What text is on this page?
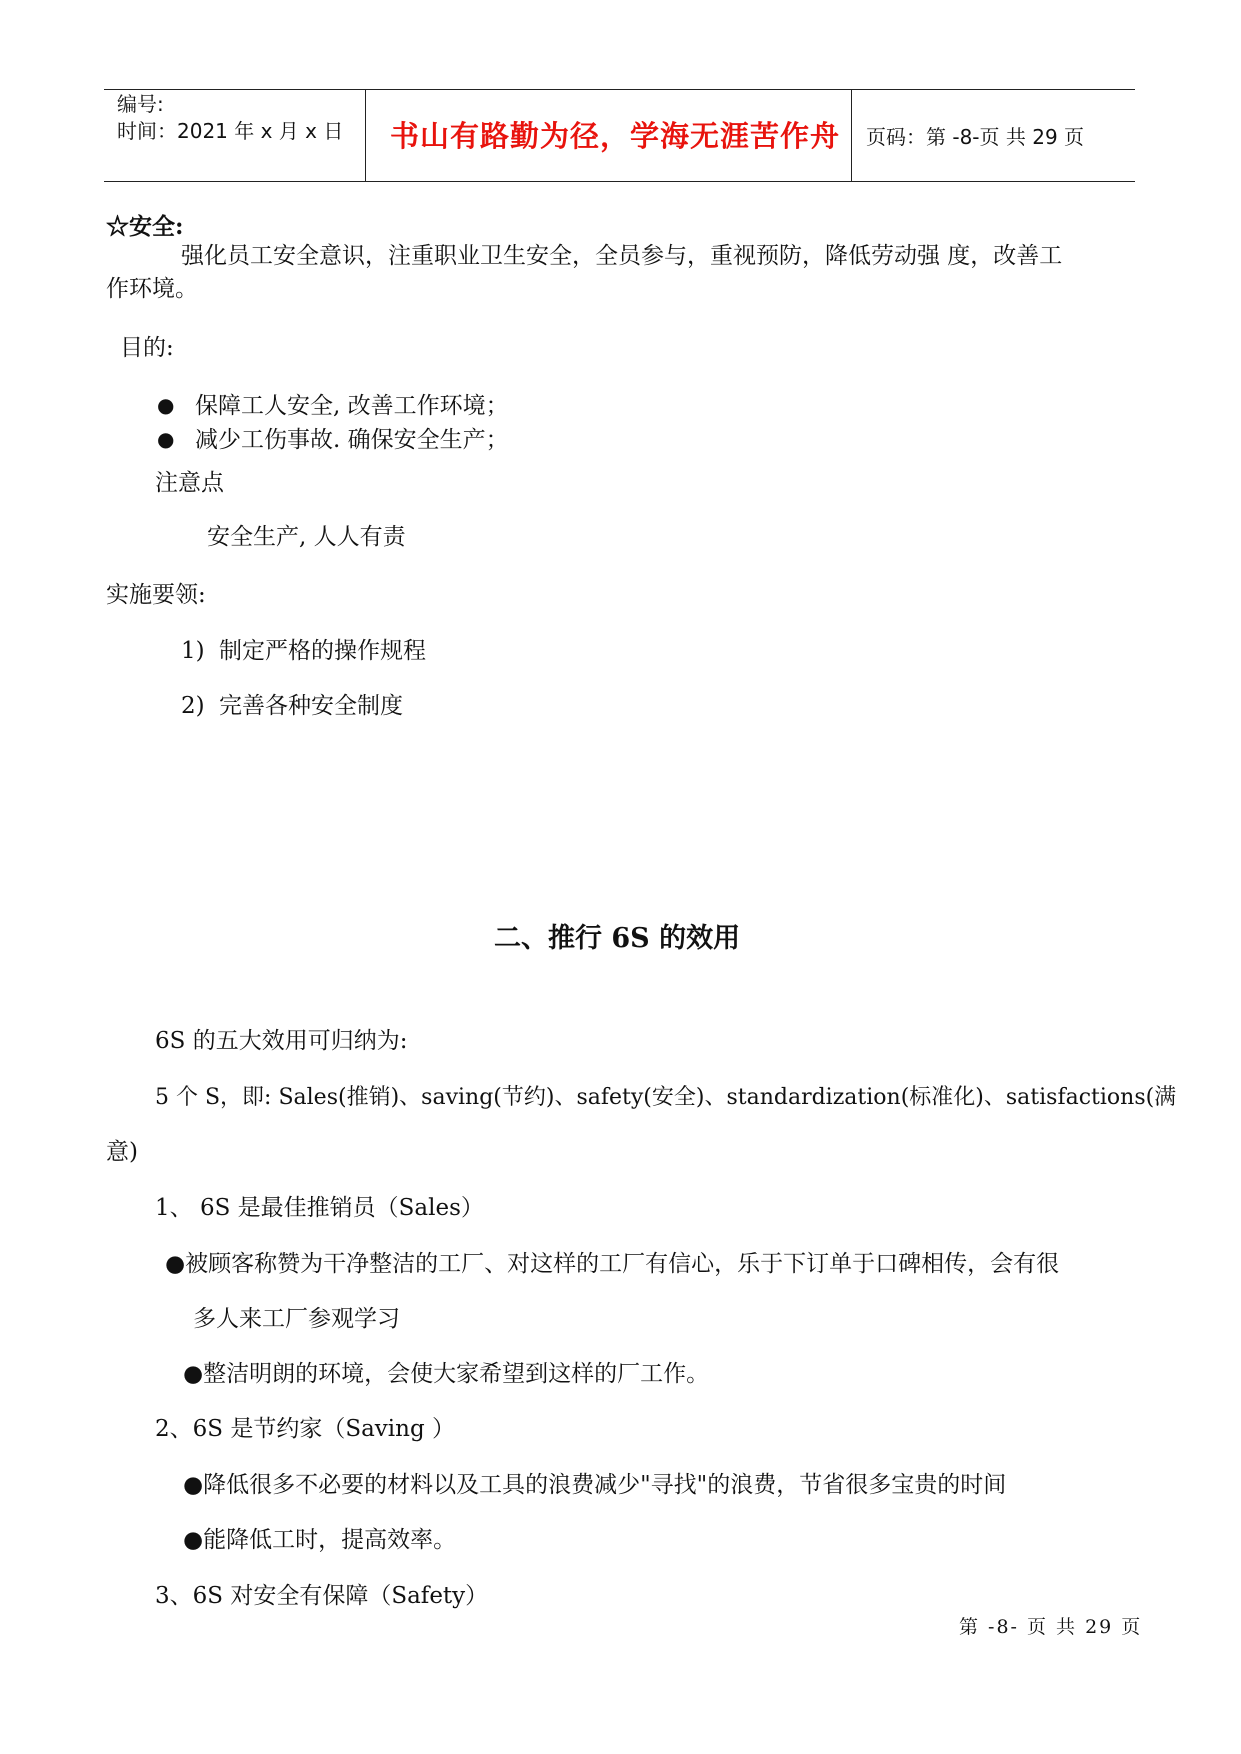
编号:
时间：2021 年 x 月 x 日 书山有路勤为径，学海无涯苦作舟 页码：第 -8-页 共 29 页
☆安全:
强化员工安全意识，注重职业卫生安全，全员参与，重视预防，降低劳动强 度，改善工
作环境。
目的:
● 保障工人安全, 改善工作环境；
● 减少工伤事故. 确保安全生产；
注意点
安全生产, 人人有责
实施要领:
1) 制定严格的操作规程
2) 完善各种安全制度
二、推行 6S 的效用
6S 的五大效用可归纳为:
5 个 S，即: Sales(推销)、saving(节约)、safety(安全)、standardization(标准化)、satisfactions(满
意)
1、 6S 是最佳推销员（Sales）
●被顾客称赞为干净整洁的工厂、对这样的工厂有信心，乐于下订单于口碑相传，会有很
多人来工厂参观学习
●整洁明朗的环境，会使大家希望到这样的厂工作。
2、6S 是节约家（Saving ）
●降低很多不必要的材料以及工具的浪费减少"寻找"的浪费，节省很多宝贵的时间
●能降低工时，提高效率。
3、6S 对安全有保障（Safety）
第 -8- 页 共 29 页
